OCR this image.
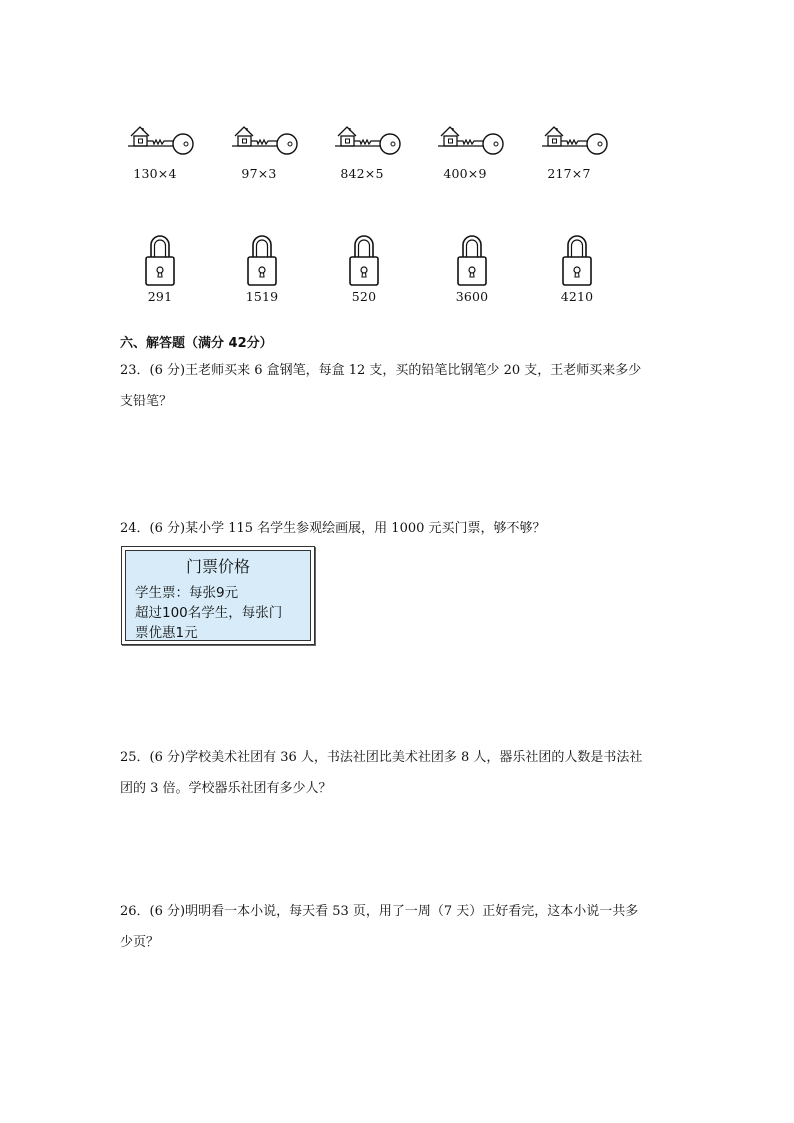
130×4	97×3	842×5	400×9	217×7
291	1519	520	3600	4210
六、解答题（满分 42分）
23．(6 分)王老师买来 6 盒钢笔，每盒 12 支，买的铅笔比钢笔少 20 支，王老师买来多少
支铅笔？
24．(6 分)某小学 115 名学生参观绘画展，用 1000 元买门票，够不够？
门票价格
学生票：每张9元
超过100名学生，每张门
票优惠1元
25．(6 分)学校美术社团有 36 人，书法社团比美术社团多 8 人，器乐社团的人数是书法社
团的 3 倍。学校器乐社团有多少人？
26．(6 分)明明看一本小说，每天看 53 页，用了一周（7 天）正好看完，这本小说一共多
少页？
